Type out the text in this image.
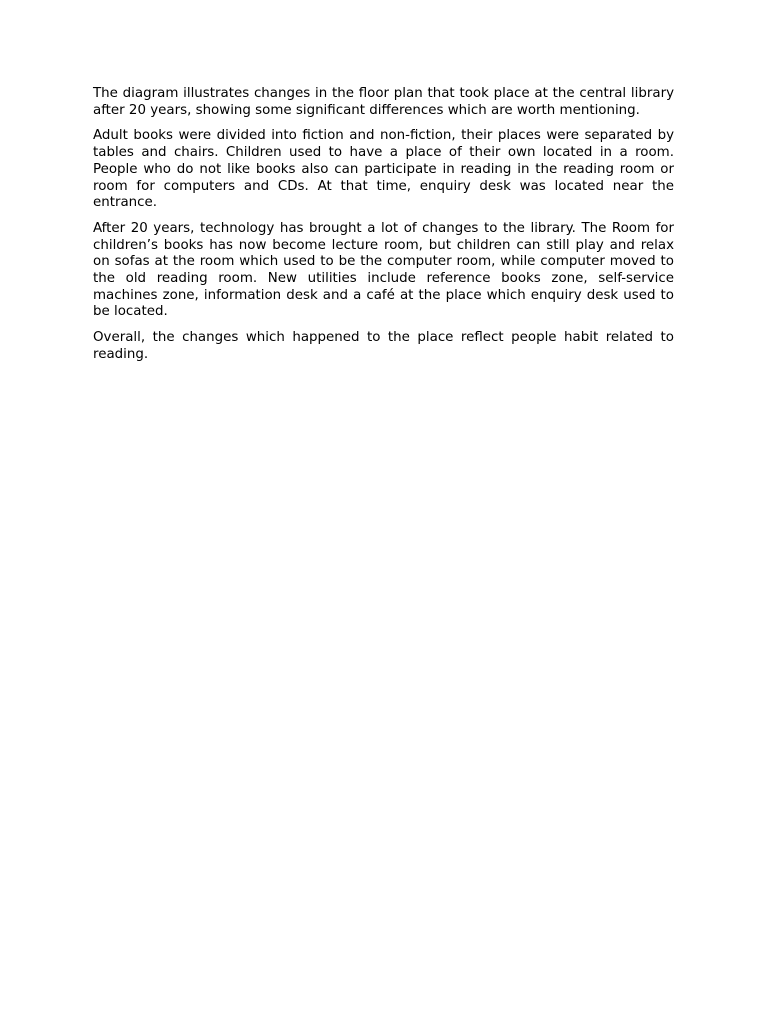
The diagram illustrates changes in the floor plan that took place at the central library after 20 years, showing some significant differences which are worth mentioning.

Adult books were divided into fiction and non-fiction, their places were separated by tables and chairs. Children used to have a place of their own located in a room. People who do not like books also can participate in reading in the reading room or room for computers and CDs. At that time, enquiry desk was located near the entrance.

After 20 years, technology has brought a lot of changes to the library. The Room for children’s books has now become lecture room, but children can still play and relax on sofas at the room which used to be the computer room, while computer moved to the old reading room. New utilities include reference books zone, self-service machines zone, information desk and a café at the place which enquiry desk used to be located.

Overall, the changes which happened to the place reflect people habit related to reading.
